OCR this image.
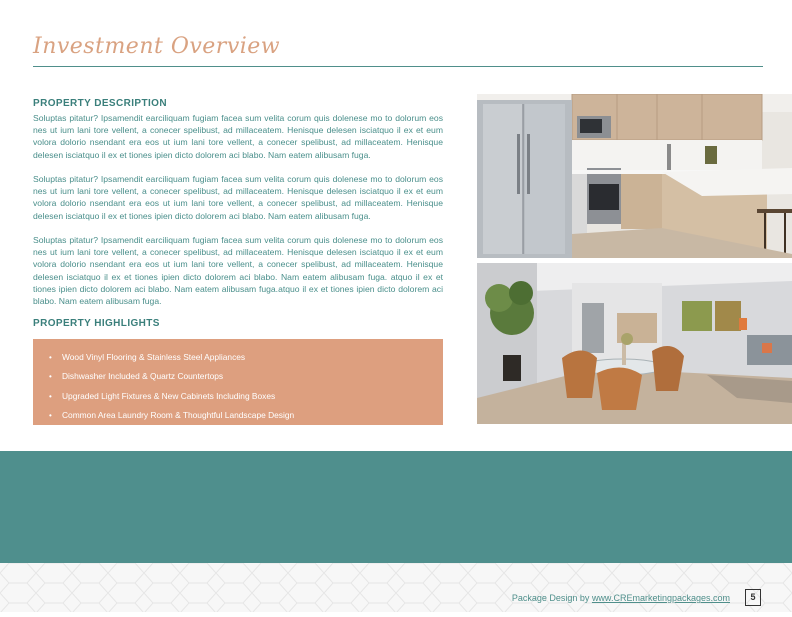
Investment Overview
PROPERTY DESCRIPTION

Soluptas pitatur? Ipsamendit earciliquam fugiam facea sum velita corum quis dolenese mo to dolorum eos nes ut ium lani tore vellent, a conecer spelibust, ad millaceatem. Henisque delesen isciatquo il ex et eum volora dolorio nsendant era eos ut ium lani tore vellent, a conecer spelibust, ad millaceatem. Henisque delesen isciatquo il ex et tiones ipien dicto dolorem aci blabo. Nam eatem alibusam fuga.

Soluptas pitatur? Ipsamendit earciliquam fugiam facea sum velita corum quis dolenese mo to dolorum eos nes ut ium lani tore vellent, a conecer spelibust, ad millaceatem. Henisque delesen isciatquo il ex et eum volora dolorio nsendant era eos ut ium lani tore vellent, a conecer spelibust, ad millaceatem. Henisque delesen isciatquo il ex et tiones ipien dicto dolorem aci blabo. Nam eatem alibusam fuga.

Soluptas pitatur? Ipsamendit earciliquam fugiam facea sum velita corum quis dolenese mo to dolorum eos nes ut ium lani tore vellent, a conecer spelibust, ad millaceatem. Henisque delesen isciatquo il ex et eum volora dolorio nsendant era eos ut ium lani tore vellent, a conecer spelibust, ad millaceatem. Henisque delesen isciatquo il ex et tiones ipien dicto dolorem aci blabo. Nam eatem alibusam fuga. atquo il ex et tiones ipien dicto dolorem aci blabo. Nam eatem alibusam fuga.atquo il ex et tiones ipien dicto dolorem aci blabo. Nam eatem alibusam fuga.

PROPERTY HIGHLIGHTS
• Wood Vinyl Flooring & Stainless Steel Appliances
• Dishwasher Included & Quartz Countertops
• Upgraded Light Fixtures & New Cabinets Including Boxes
• Common Area Laundry Room & Thoughtful Landscape Design
Package Design by www.CREmarketingpackages.com	5
